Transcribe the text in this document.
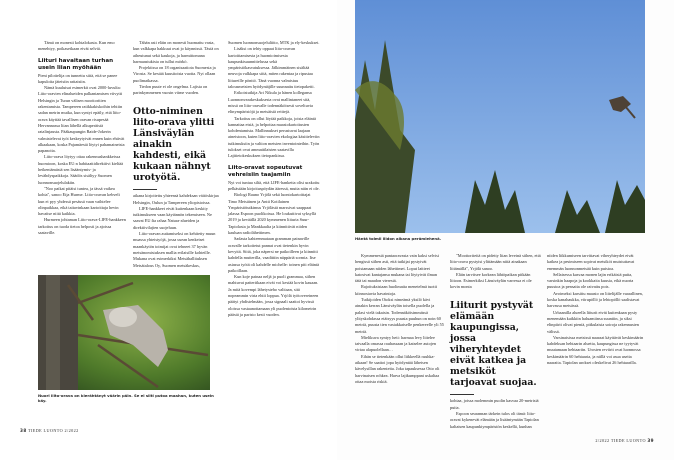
Tämä on monesti kohtalokasta. Kun emo menehtyy, poikasetkaan eivät selviä.

Liituri havaitaan turhan usein liian myöhään

Pieni pilottelija on tunnettu siitä, että se panee kapuloita jäteisiin rattaisiin.

Nämä kuuluisat esimerkit ovat 2000-luvulta: Liito-oravien elinalueiden palkantamisen viivytti Helsingin ja Turun välisen moottoritien rakentamista. Tampereen ratikkakiskoihin tehtiin sadan metrin mutka, kun syntyi epäily, että liito-orava käyttää tavallisen oravan risupesää Hervannassa liian lähellä alkuperäistä ratalinjausta. Pääkaupungin Raide-Jokerin valmistelevat työt keskeytyivät ennen kuin ehtivät alkaakaan, koska Pajamäestä löytyi pahamaineisia papanoita.

Liito-orava löytyy ottaa rakennushankkeissa huomioon, koska EU:n habitaattidirektiivi kieltää heikentämästä sen lisääntymis- ja levähdyspaikkoja. Säädös sisältyy Suomen luonnonsuojelulakiin.

"Noo paikat pitäisi tuntea, ja tässä vaikea kohta", sanoo Eija Hurme. Liito-oravan kebveli kun ei pyy yhdessä pesässä vaan vaihtelee olinpaikkaa, eikä taitavinkaan kartoittaja hevin havaitse niitä kaikkia.

Hurmeen johtaman Liito-orava-LIFE-hankkeen tarkoitus on tuoda tietoa helposti ja ajoissa saataville.

Tähän asti eläin on monesti huomattu vasta, kun valkkapa hakkuut ovat jo käynnissä. Tästä on aiheutunut sekä kaukoja, ja harmittomana harmaastukista on tullut mörkö.

Projektissa on 18 organisaatiota Suomesta ja Virosta. Se kestää kuusitoista vuotta. Nyt ollaan puolimatkassa.

Tiedon puute ei ole ongelma. Lajista on parinkymmenen vuosin viime vuoden.

Otto-niminen liito-orava ylitti Länsiväylän ainakin kahdesti, eikä kukaan nähnyt urotyötä.

aikana kirjoitettu yhteensä kahdeksan väitöskirjaa Helsingin, Oulun ja Tampereen yliopistoissa.

LIFE-hankkeet eivät kuitenkaan keskity tutkimukseen vaan käytännön tekemiseen. Ne saavat EU:lta rahaa Natura-alueiden ja direktiivilajien suojeluun.

Liito-oravan auttamiseksi on kehitetty muun muassa yhteistyöjä, jossa usean kenkeiset maankäytön toimijat ovat tehneet 37 hyvän metsänomistuksen mallia erilaisille kohteille. Mukana ovat esimerkiksi Metsähallituksen Metsätalous Oy, Suomen metsäkeskus,

Nuori liito-orava on kierähtänyt väärin päin. Se ei silti putoa maahan, kuten usein käy.

Suomen luonnonsuojeluliitto, MTK ja ely-keskukset.

Lisäksi on tehty oppaat liito-oravan kartoittamisesta ja huomioimisesta kaupunkisuunnittelussa sekä ympäristökasvatuksessa. Jälkimmäinen sisältää neuvoja valkkapa siitä, miten rakentaa ja ripustaa liitureille pönttö. Tänä vuonna valmistuu talousmetsien hyödyntäjille suunnattu tietopaketti.

Erikoistutkija Ari Nikula ja hänen kollegansa Luonnonvarakeskuksesta ovat mallintaneet sitä, missä on liito-oravalle todennäköisesti soveltuvia elinympäristöjä ja metsäisiä reittejä.

Tarkoitus on ollut löytää paikkoja, joista eläintä kannattaa etsiä, ja helpottaa maastokartoitusten kohdentamista. Mallinnukset perustuvat laajaan aineistoon, kuten liito-oravien ekologiaa käsitteleviin tutkimuksiin ja valtion metsien inventointeihin. Työn tulokset ovat ammattilaisten saatavilla Lajitietokeskuksen tietopankissa.

Liito-oravat sopeutuvat vehreisiin taajamiin

Nyt voi tuntua siltä, että LIFE-hanketta olisi urakoitu pelkästään kirjoituspöydän ääressä, mutta näin ei ole.

Biologi Rauno Yrjölä sekä luontokartoittajat Timo Metsäinen ja Antti Kotilainen Ympäristötutkimus Yrjölästä marssivat saappaat jalassa Espoon puolikoissa. He loukuttivat syksyllä 2019 ja keväällä 2020 kymmenen liituria Suur-Tapiolasta ja Mankkaalta ja kiinnittivät niiden kauluan radiolähettimen.

Sadasta kahteenmataan gramman painaville oravalle tarkoitetut pannat ovat tietenkin hyvin kevyitä. Siitä, joka näpersi ne paikoilleen ja kiinnitti kahdella mutterilla, vaadittiin näppäriä sormia. Itse asiassa työtä oli kahdelle michelle: toinen piti eläintä paikoillaan.

Kun koje painaa neljä ja puoli grammaa, siihen mahtuvat patteritkaan eivät voi kestää kovin kauaan. Ja mitä kovempi lähetysteho valitaan, sitä nopeammin virta ehtii loppua. Yrjölä työtovereineen päätyi yhdistelmään, jossa signaali saattoi hyvissä oloissa vastaanottamaan yli puolentoista kilometrin päästä ja paristo kesti vuoden.

38 TIEDE LUONTO 2/2022
Häntä toimii liidon aikana perämiehenä.

Kymmenestä pantaoravasta vain kaksi selvisi hengissä siihen asti, että tutkijat pystyivät poistamaan niiden lähettimet. Loput laitteet katosivat kantajansa mukana tai löytyivät ilman tätä tai maadon vierestä.

Rajoituksistaan huolimatta menetelmä tuotti kiinnostavia havaintoja.

Tutkijoiden Otoksi nimeämä yksilö kävi ainakin kerran Länsiväylän toisella puolella ja palasi vielä takaisin. Todennäköisimmässä ylityskohdassa etäisyys puusta puuhun on noin 60 metriä, puusta tien vastakkaiselle penkereelle yli 55 metriä.

Mielikuva syntyy heti: harmaa levy liitelee taivaalla omassa rauhassaan ja katselee autojen virtaa alapuolellaan…

Eihän se tietenkään ollut liikkeellä ruuhka-aikaan! Se saattoi jopa hyödyntää läheisen kävelysillan rakenteita. Joka tapauksessa Otto oli harvinaisen rohkea. Harva lajikumppani uskaltaa ottaa moista riskiä.

"Moottoriteitä on pidetty liian leveinä siihen, että liito-orava pystyisi ylittämään niitä ainakaan liitämällä", Yrjölä sanoo.

Eläin tarvitsee korkean lähtöpaikan pitkään liitoon. Esimerkiksi Länsiväylän varressa ei ole kovin monta

Liiturit pystyvät elämään kaupungissa, jossa viheryhteydet eivät katkea ja metsiköt tarjoavat suojaa.

kohtaa, joissa molemmin puolin kasvaa 20-metrisiä puita.

Espoon seurannan tärkein tulos oli tämä: liito-oravat kykenevät elämään ja lisääntymään Tapiolan kaltaisen kaupunkiympäristön keskellä, kunhan

niiden liikkumiseen tarvittavat viheryhteydet eivät katkea ja pesimiseen sopivat metsiköt muistuttavat enemmän luonnonmetsää kuin puistoa.

Sellaisessa kasvaa monen lajin erikäisiä puita, varsinkin haapoja ja kookkaita kuusia, eikä nuorta puustoa ja pensaita ole raivattu pois.

Avoimeksi karsittu maasto on liitelijälle vaarallinen, koska kanahaukka, viirupöllö ja lehtopöllö saalistavat harvassa metsässä.

Urbaanilla alueella liiturit eivät kuitenkaan pysty menemään kaikkiin haluamiinsa suuntiin, ja siksi elinpiirit olivat pieniä, pitkulaisia soiroja rakennusten välissä.

Varsinaisissa metsissä naaraat käyttävät keskimäärin kahdeksan hehtaarin aluetta, kaupungissa ne tyytyvät muutamaan hehtaariin. Urosten reviirit ovat luonnossa keskimäärin 60 hehtaaria, ja niillä voi asua useita naaraita. Tapiolan urokset oleskelivat 26 hehtaarilla.

2/2022 TIEDE LUONTO 39
